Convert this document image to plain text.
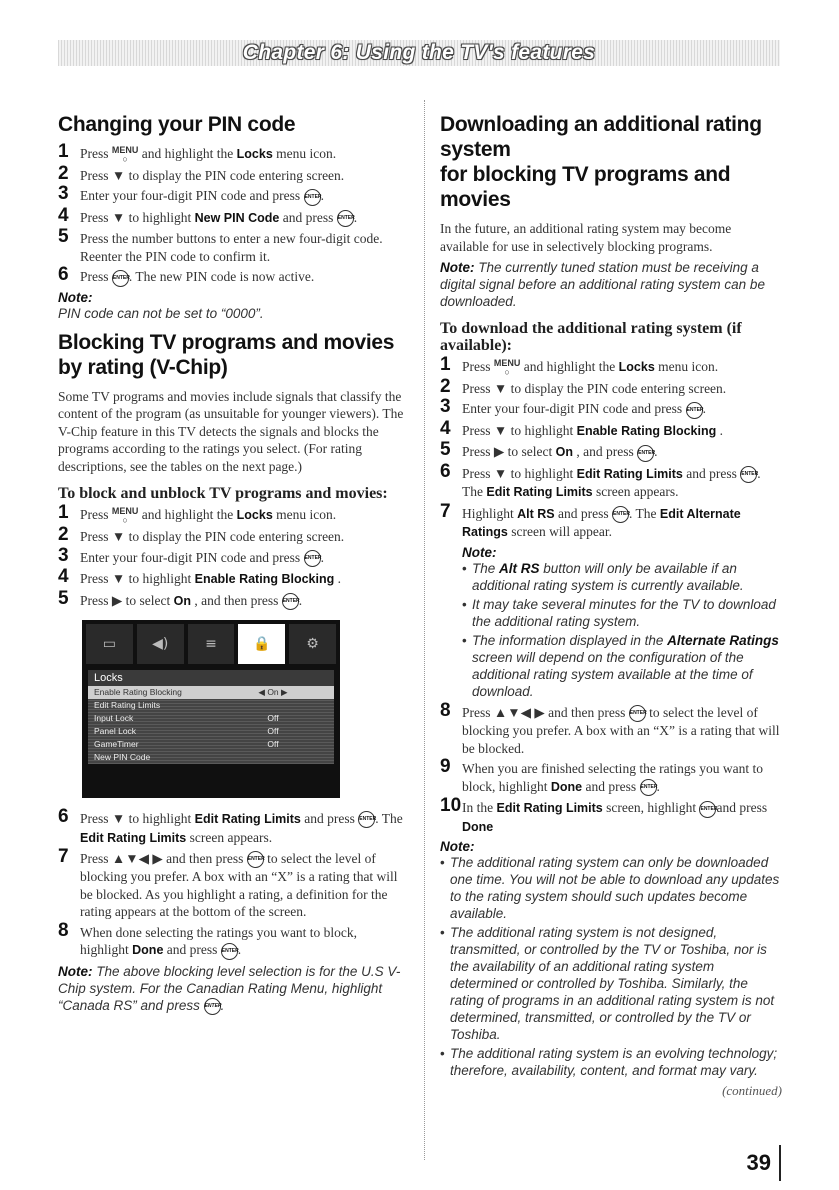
Chapter 6: Using the TV's features
Changing your PIN code
1 Press MENU
○ and highlight the Locks menu icon.
2 Press ▼ to display the PIN code entering screen.
3 Enter your four-digit PIN code and press ENTER.
4 Press ▼ to highlight New PIN Code and press ENTER.
5 Press the number buttons to enter a new four-digit code. Reenter the PIN code to confirm it.
6 Press ENTER. The new PIN code is now active.
Note:
PIN code can not be set to “0000”.
Blocking TV programs and movies
by rating (V-Chip)

Some TV programs and movies include signals that classify the content of the program (as unsuitable for younger viewers). The V-Chip feature in this TV detects the signals and blocks the programs according to the ratings you select. (For rating descriptions, see the tables on the next page.)

To block and unblock TV programs and movies:
1 Press MENU
○ and highlight the Locks menu icon.
2 Press ▼ to display the PIN code entering screen.
3 Enter your four-digit PIN code and press ENTER.
4 Press ▼ to highlight Enable Rating Blocking .
5 Press ▶ to select On , and then press ENTER.
▭	◀)	≡	🔒	⚙
Locks
Enable Rating Blocking	◀ On ▶
Edit Rating Limits
Input Lock	Off
Panel Lock	Off
GameTimer	Off
New PIN Code
6 Press ▼ to highlight Edit Rating Limits and press ENTER. The Edit Rating Limits screen appears.
7 Press ▲▼◀ ▶ and then press ENTER to select the level of blocking you prefer. A box with an “X” is a rating that will be blocked. As you highlight a rating, a definition for the rating appears at the bottom of the screen.
8 When done selecting the ratings you want to block, highlight Done and press ENTER.
Note: The above blocking level selection is for the U.S V-Chip system. For the Canadian Rating Menu, highlight “Canada RS” and press ENTER.
Downloading an additional rating system
for blocking TV programs and movies

In the future, an additional rating system may become available for use in selectively blocking programs.

Note: The currently tuned station must be receiving a digital signal before an additional rating system can be downloaded.
To download the additional rating system (if available):
1 Press MENU
○ and highlight the Locks menu icon.
2 Press ▼ to display the PIN code entering screen.
3 Enter your four-digit PIN code and press ENTER.
4 Press ▼ to highlight Enable Rating Blocking .
5 Press ▶ to select On , and press ENTER.
6 Press ▼ to highlight Edit Rating Limits and press ENTER. The Edit Rating Limits screen appears.
7 Highlight Alt RS and press ENTER. The Edit Alternate Ratings screen will appear.
Note:
• The Alt RS button will only be available if an additional rating system is currently available.
• It may take several minutes for the TV to download the additional rating system.
• The information displayed in the Alternate Ratings screen will depend on the configuration of the additional rating system available at the time of download.
8 Press ▲▼◀ ▶ and then press ENTER to select the level of blocking you prefer. A box with an “X” is a rating that will be blocked.
9 When you are finished selecting the ratings you want to block, highlight Done and press ENTER.
10 In the Edit Rating Limits screen, highlight ENTERand press Done
Note:
• The additional rating system can only be downloaded one time. You will not be able to download any updates to the rating system should such updates become available.
• The additional rating system is not designed, transmitted, or controlled by the TV or Toshiba, nor is the availability of an additional rating system determined or controlled by Toshiba. Similarly, the rating of programs in an additional rating system is not determined, transmitted, or controlled by the TV or Toshiba.
• The additional rating system is an evolving technology; therefore, availability, content, and format may vary.
(continued)
39
